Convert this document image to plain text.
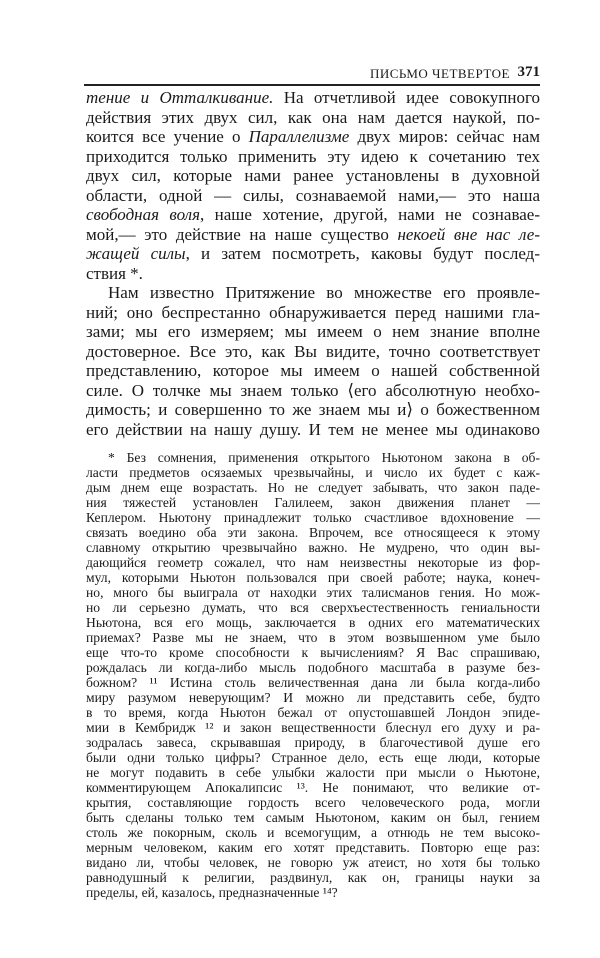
ПИСЬМО ЧЕТВЕРТОЕ 371
тение и Отталкивание. На отчетливой идее совокупного
действия этих двух сил, как она нам дается наукой, по-
коится все учение о Параллелизме двух миров: сейчас нам
приходится только применить эту идею к сочетанию тех
двух сил, которые нами ранее установлены в духовной
области, одной — силы, сознаваемой нами,— это наша
свободная воля, наше хотение, другой, нами не сознавае-
мой,— это действие на наше существо некоей вне нас ле-
жащей силы, и затем посмотреть, каковы будут послед-
ствия *.
Нам известно Притяжение во множестве его проявле-
ний; оно беспрестанно обнаруживается перед нашими гла-
зами; мы его измеряем; мы имеем о нем знание вполне
достоверное. Все это, как Вы видите, точно соответствует
представлению, которое мы имеем о нашей собственной
силе. О толчке мы знаем только ⟨его абсолютную необхо-
димость; и совершенно то же знаем мы и⟩ о божественном
его действии на нашу душу. И тем не менее мы одинаково
* Без сомнения, применения открытого Ньютоном закона в об-
ласти предметов осязаемых чрезвычайны, и число их будет с каж-
дым днем еще возрастать. Но не следует забывать, что закон паде-
ния тяжестей установлен Галилеем, закон движения планет —
Кеплером. Ньютону принадлежит только счастливое вдохновение —
связать воедино оба эти закона. Впрочем, все относящееся к этому
славному открытию чрезвычайно важно. Не мудрено, что один вы-
дающийся геометр сожалел, что нам неизвестны некоторые из фор-
мул, которыми Ньютон пользовался при своей работе; наука, конеч-
но, много бы выиграла от находки этих талисманов гения. Но мож-
но ли серьезно думать, что вся сверхъестественность гениальности
Ньютона, вся его мощь, заключается в одних его математических
приемах? Разве мы не знаем, что в этом возвышенном уме было
еще что-то кроме способности к вычислениям? Я Вас спрашиваю,
рождалась ли когда-либо мысль подобного масштаба в разуме без-
божном? ¹¹ Истина столь величественная дана ли была когда-либо
миру разумом неверующим? И можно ли представить себе, будто
в то время, когда Ньютон бежал от опустошавшей Лондон эпиде-
мии в Кембридж ¹² и закон вещественности блеснул его духу и ра-
зодралась завеса, скрывавшая природу, в благочестивой душе его
были одни только цифры? Странное дело, есть еще люди, которые
не могут подавить в себе улыбки жалости при мысли о Ньютоне,
комментирующем Апокалипсис ¹³. Не понимают, что великие от-
крытия, составляющие гордость всего человеческого рода, могли
быть сделаны только тем самым Ньютоном, каким он был, гением
столь же покорным, сколь и всемогущим, а отнюдь не тем высоко-
мерным человеком, каким его хотят представить. Повторю еще раз:
видано ли, чтобы человек, не говорю уж атеист, но хотя бы только
равнодушный к религии, раздвинул, как он, границы науки за
пределы, ей, казалось, предназначенные ¹⁴?
